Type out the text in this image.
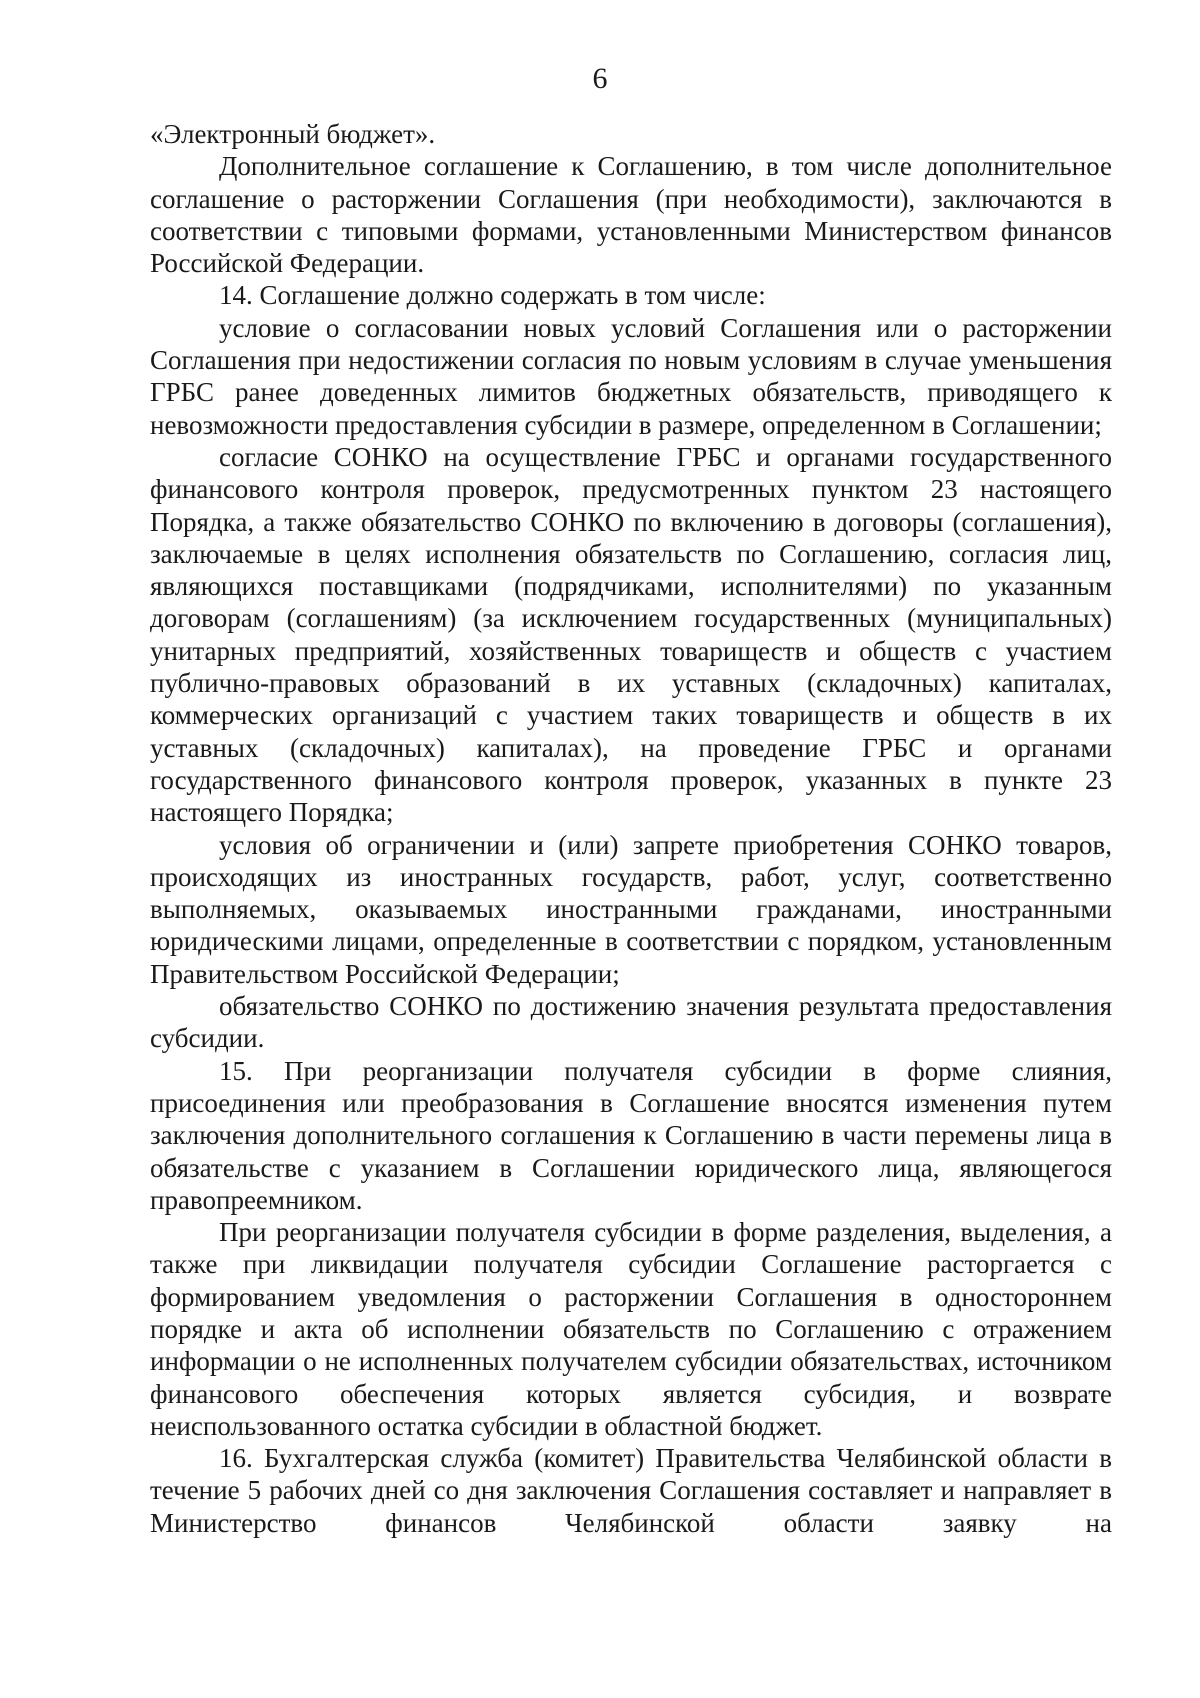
6

«Электронный бюджет».

Дополнительное соглашение к Соглашению, в том числе дополнительное соглашение о расторжении Соглашения (при необходимости), заключаются в соответствии с типовыми формами, установленными Министерством финансов Российской Федерации.

14. Соглашение должно содержать в том числе:

условие о согласовании новых условий Соглашения или о расторжении Соглашения при недостижении согласия по новым условиям в случае уменьшения ГРБС ранее доведенных лимитов бюджетных обязательств, приводящего к невозможности предоставления субсидии в размере, определенном в Соглашении;

согласие СОНКО на осуществление ГРБС и органами государственного финансового контроля проверок, предусмотренных пунктом 23 настоящего Порядка, а также обязательство СОНКО по включению в договоры (соглашения), заключаемые в целях исполнения обязательств по Соглашению, согласия лиц, являющихся поставщиками (подрядчиками, исполнителями) по указанным договорам (соглашениям) (за исключением государственных (муниципальных) унитарных предприятий, хозяйственных товариществ и обществ с участием публично-правовых образований в их уставных (складочных) капиталах, коммерческих организаций с участием таких товариществ и обществ в их уставных (складочных) капиталах), на проведение ГРБС и органами государственного финансового контроля проверок, указанных в пункте 23 настоящего Порядка;

условия об ограничении и (или) запрете приобретения СОНКО товаров, происходящих из иностранных государств, работ, услуг, соответственно выполняемых, оказываемых иностранными гражданами, иностранными юридическими лицами, определенные в соответствии с порядком, установленным Правительством Российской Федерации;

обязательство СОНКО по достижению значения результата предоставления субсидии.

15. При реорганизации получателя субсидии в форме слияния, присоединения или преобразования в Соглашение вносятся изменения путем заключения дополнительного соглашения к Соглашению в части перемены лица в обязательстве с указанием в Соглашении юридического лица, являющегося правопреемником.

При реорганизации получателя субсидии в форме разделения, выделения, а также при ликвидации получателя субсидии Соглашение расторгается с формированием уведомления о расторжении Соглашения в одностороннем порядке и акта об исполнении обязательств по Соглашению с отражением информации о не исполненных получателем субсидии обязательствах, источником финансового обеспечения которых является субсидия, и возврате неиспользованного остатка субсидии в областной бюджет.

16. Бухгалтерская служба (комитет) Правительства Челябинской области в течение 5 рабочих дней со дня заключения Соглашения составляет и направляет в Министерство финансов Челябинской области заявку на
